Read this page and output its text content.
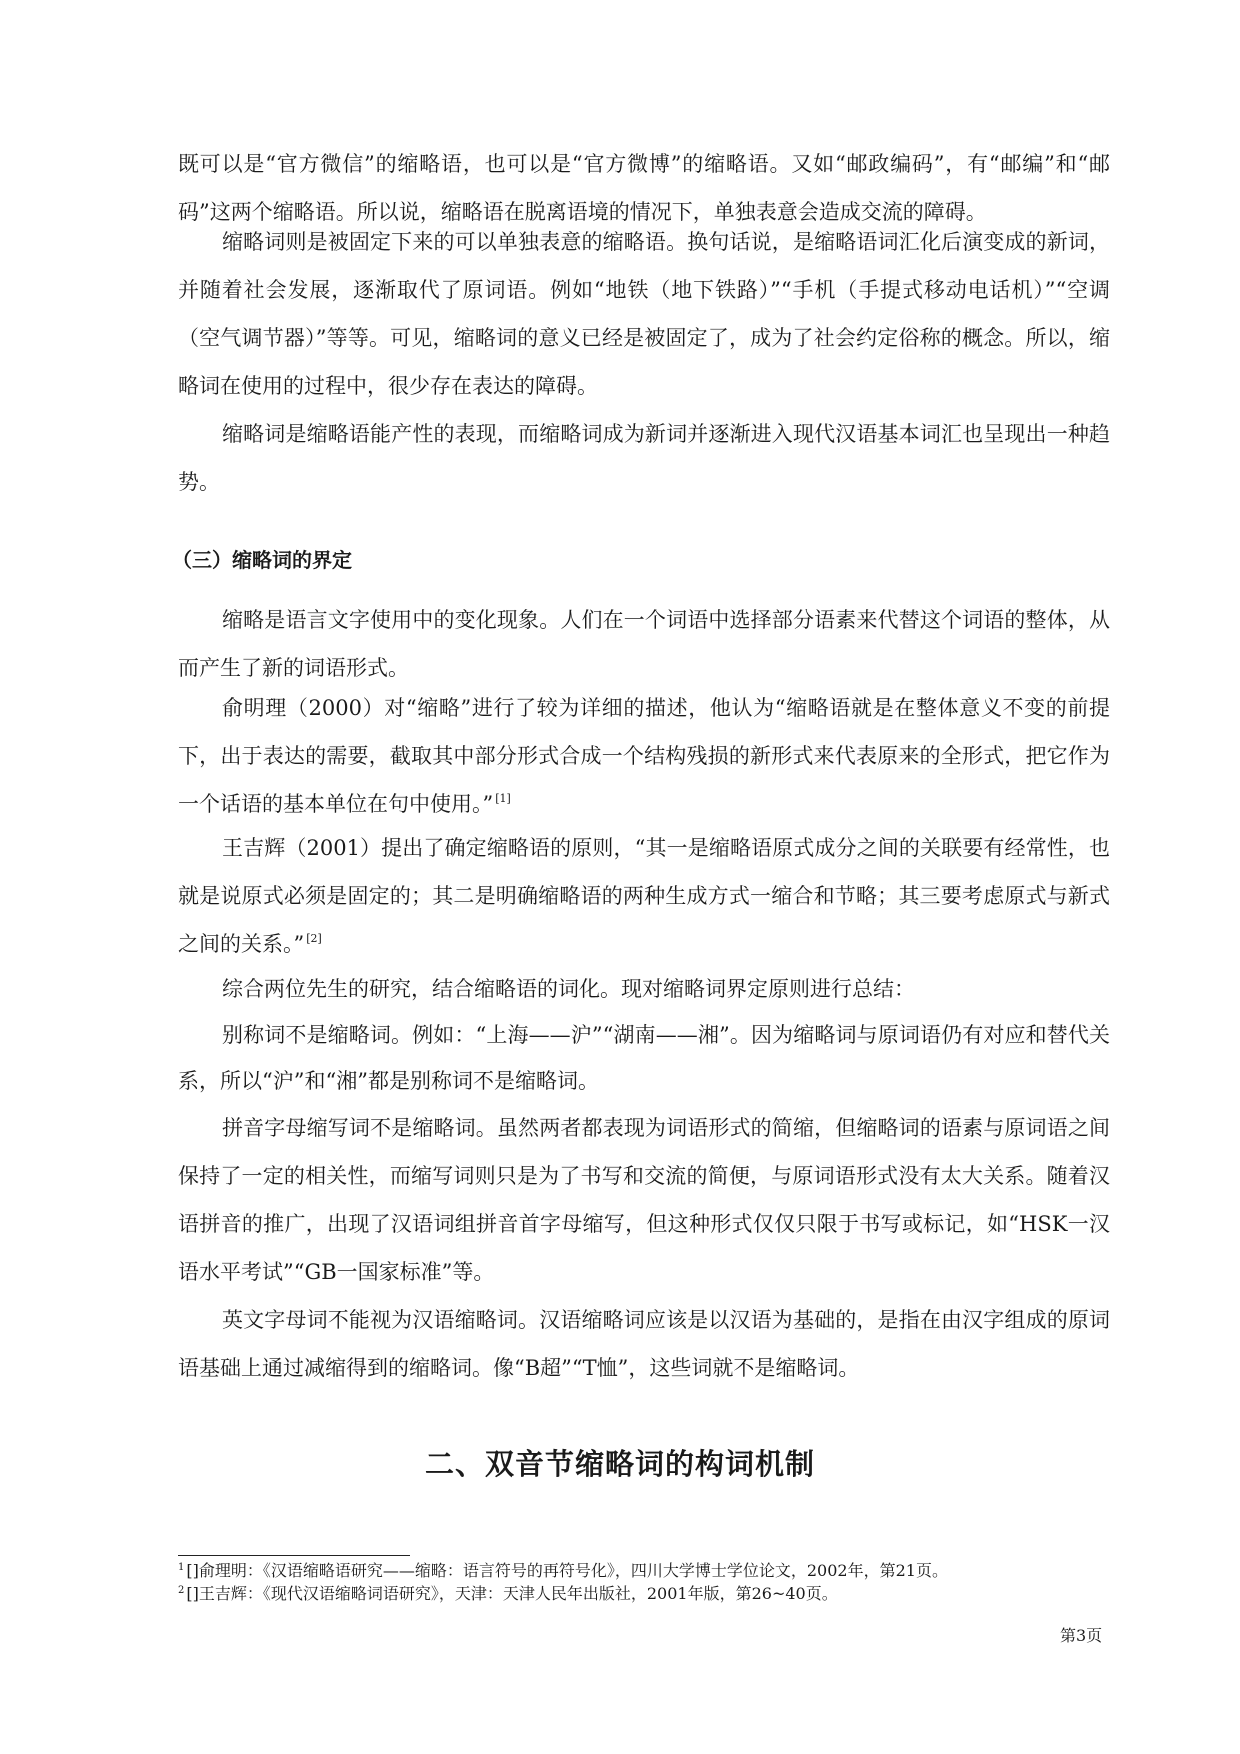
既可以是“官方微信”的缩略语，也可以是“官方微博”的缩略语。又如“邮政编码”，有“邮编”和“邮码”这两个缩略语。所以说，缩略语在脱离语境的情况下，单独表意会造成交流的障碍。

缩略词则是被固定下来的可以单独表意的缩略语。换句话说，是缩略语词汇化后演变成的新词，并随着社会发展，逐渐取代了原词语。例如“地铁（地下铁路）”“手机（手提式移动电话机）”“空调（空气调节器）”等等。可见，缩略词的意义已经是被固定了，成为了社会约定俗称的概念。所以，缩略词在使用的过程中，很少存在表达的障碍。

缩略词是缩略语能产性的表现，而缩略词成为新词并逐渐进入现代汉语基本词汇也呈现出一种趋势。

（三）缩略词的界定

缩略是语言文字使用中的变化现象。人们在一个词语中选择部分语素来代替这个词语的整体，从而产生了新的词语形式。

俞明理（2000）对“缩略”进行了较为详细的描述，他认为“缩略语就是在整体意义不变的前提下，出于表达的需要，截取其中部分形式合成一个结构残损的新形式来代表原来的全形式，把它作为一个话语的基本单位在句中使用。” [1]

王吉辉（2001）提出了确定缩略语的原则，“其一是缩略语原式成分之间的关联要有经常性，也就是说原式必须是固定的；其二是明确缩略语的两种生成方式一缩合和节略；其三要考虑原式与新式之间的关系。” [2]

综合两位先生的研究，结合缩略语的词化。现对缩略词界定原则进行总结：

别称词不是缩略词。例如：“上海——沪”“湖南——湘”。因为缩略词与原词语仍有对应和替代关系，所以“沪”和“湘”都是别称词不是缩略词。

拼音字母缩写词不是缩略词。虽然两者都表现为词语形式的简缩，但缩略词的语素与原词语之间保持了一定的相关性，而缩写词则只是为了书写和交流的简便，与原词语形式没有太大关系。随着汉语拼音的推广，出现了汉语词组拼音首字母缩写，但这种形式仅仅只限于书写或标记，如“HSK一汉语水平考试”“GB一国家标准”等。

英文字母词不能视为汉语缩略词。汉语缩略词应该是以汉语为基础的，是指在由汉字组成的原词语基础上通过减缩得到的缩略词。像“B超”“T恤”，这些词就不是缩略词。

二、双音节缩略词的构词机制

$^1$ []俞理明：《汉语缩略语研究——缩略：语言符号的再符号化》，四川大学博士学位论文，2002年，第21页。

$^2$ []王吉辉：《现代汉语缩略词语研究》，天津：天津人民年出版社，2001年版，第26~40页。

第3页
